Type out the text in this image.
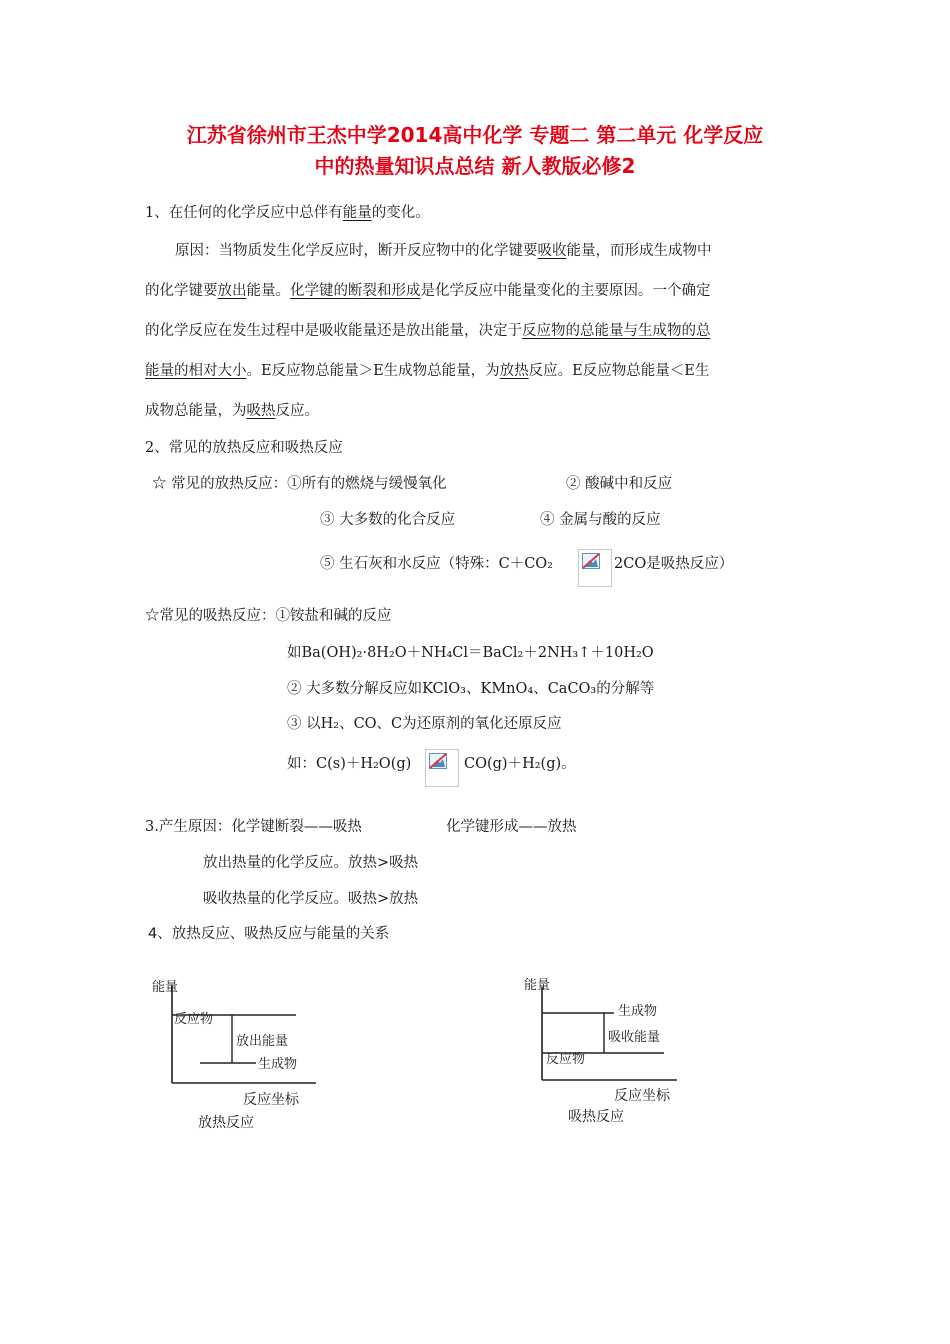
江苏省徐州市王杰中学2014高中化学 专题二 第二单元 化学反应
中的热量知识点总结 新人教版必修2
1、在任何的化学反应中总伴有能量的变化。
原因：当物质发生化学反应时，断开反应物中的化学键要吸收能量，而形成生成物中
的化学键要放出能量。化学键的断裂和形成是化学反应中能量变化的主要原因。一个确定
的化学反应在发生过程中是吸收能量还是放出能量，决定于反应物的总能量与生成物的总
能量的相对大小。E反应物总能量＞E生成物总能量，为放热反应。E反应物总能量＜E生
成物总能量，为吸热反应。
2、常见的放热反应和吸热反应
☆ 常见的放热反应：①所有的燃烧与缓慢氧化	② 酸碱中和反应
③ 大多数的化合反应	④ 金属与酸的反应
⑤ 生石灰和水反应（特殊：C＋CO₂	2CO是吸热反应）
☆常见的吸热反应：①铵盐和碱的反应
如Ba(OH)₂·8H₂O＋NH₄Cl＝BaCl₂＋2NH₃↑＋10H₂O
② 大多数分解反应如KClO₃、KMnO₄、CaCO₃的分解等
③ 以H₂、CO、C为还原剂的氧化还原反应
如：C(s)＋H₂O(g)	CO(g)＋H₂(g)。
3.产生原因：化学键断裂——吸热	化学键形成——放热
放出热量的化学反应。放热>吸热
吸收热量的化学反应。吸热>放热
4、放热反应、吸热反应与能量的关系
能量
反应物
放出能量
生成物
反应坐标
放热反应
能量
生成物
吸收能量
反应物
反应坐标
吸热反应
